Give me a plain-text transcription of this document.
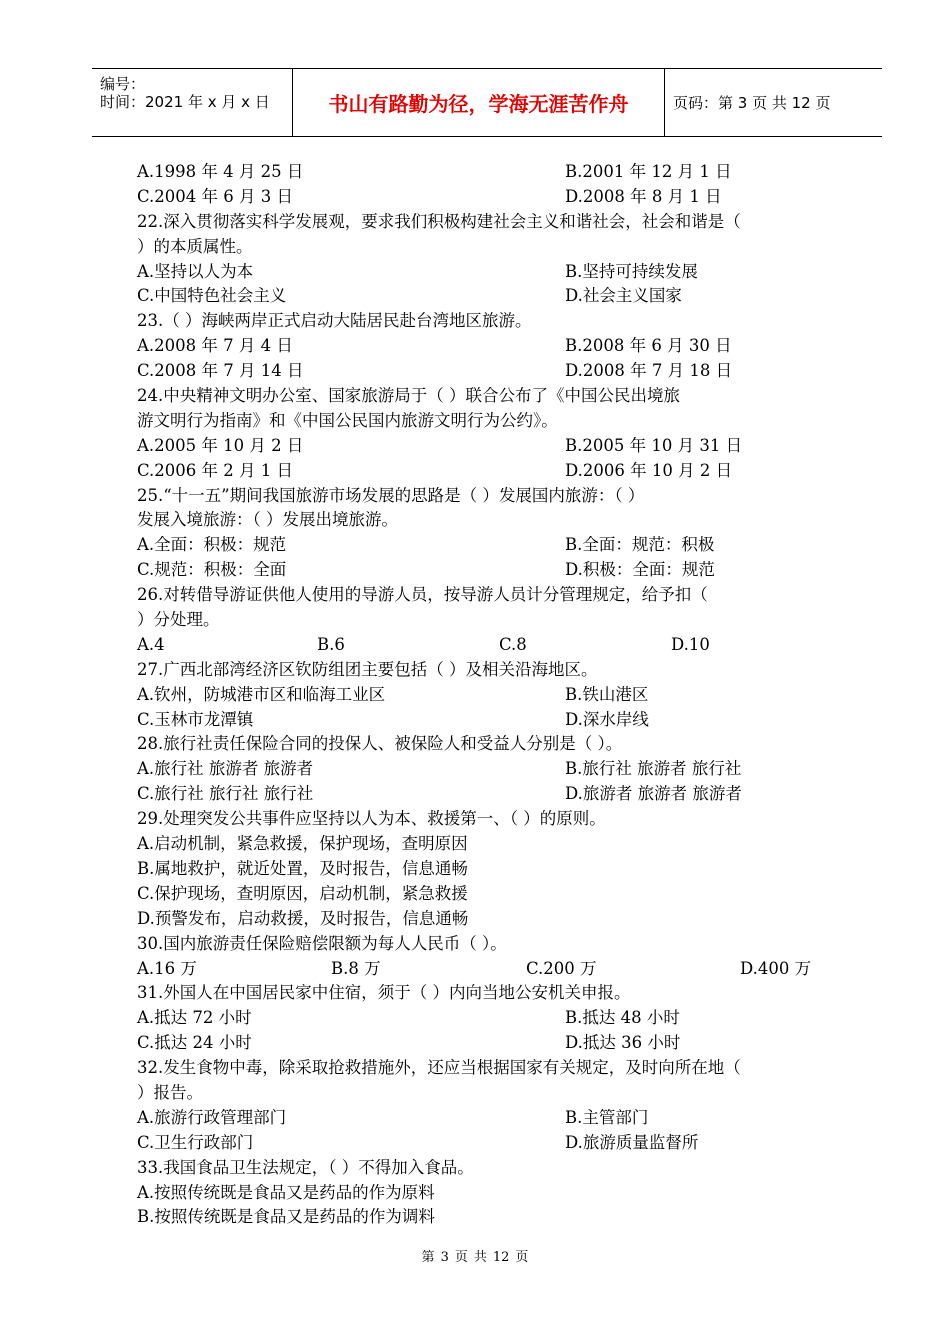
编号：
时间：2021 年 x 月 x 日	书山有路勤为径，学海无涯苦作舟	页码：第 3 页 共 12 页
A.1998 年 4 月 25 日	B.2001 年 12 月 1 日
C.2004 年 6 月 3 日	D.2008 年 8 月 1 日
22.深入贯彻落实科学发展观，要求我们积极构建社会主义和谐社会，社会和谐是（
）的本质属性。
A.坚持以人为本	B.坚持可持续发展
C.中国特色社会主义	D.社会主义国家
23.（ ）海峡两岸正式启动大陆居民赴台湾地区旅游。
A.2008 年 7 月 4 日	B.2008 年 6 月 30 日
C.2008 年 7 月 14 日	D.2008 年 7 月 18 日
24.中央精神文明办公室、国家旅游局于（ ）联合公布了《中国公民出境旅
游文明行为指南》和《中国公民国内旅游文明行为公约》。
A.2005 年 10 月 2 日	B.2005 年 10 月 31 日
C.2006 年 2 月 1 日	D.2006 年 10 月 2 日
25.“十一五”期间我国旅游市场发展的思路是（ ）发展国内旅游：（ ）
发展入境旅游：（ ）发展出境旅游。
A.全面：积极：规范	B.全面：规范：积极
C.规范：积极：全面	D.积极：全面：规范
26.对转借导游证供他人使用的导游人员，按导游人员计分管理规定，给予扣（
）分处理。
A.4	B.6	C.8	D.10
27.广西北部湾经济区钦防组团主要包括（ ）及相关沿海地区。
A.钦州，防城港市区和临海工业区	B.铁山港区
C.玉林市龙潭镇	D.深水岸线
28.旅行社责任保险合同的投保人、被保险人和受益人分别是（ ）。
A.旅行社 旅游者 旅游者	B.旅行社 旅游者 旅行社
C.旅行社 旅行社 旅行社	D.旅游者 旅游者 旅游者
29.处理突发公共事件应坚持以人为本、救援第一、（ ）的原则。
A.启动机制，紧急救援，保护现场，查明原因
B.属地救护，就近处置，及时报告，信息通畅
C.保护现场，查明原因，启动机制，紧急救援
D.预警发布，启动救援，及时报告，信息通畅
30.国内旅游责任保险赔偿限额为每人人民币（ ）。
A.16 万	B.8 万	C.200 万	D.400 万
31.外国人在中国居民家中住宿，须于（ ）内向当地公安机关申报。
A.抵达 72 小时	B.抵达 48 小时
C.抵达 24 小时	D.抵达 36 小时
32.发生食物中毒，除采取抢救措施外，还应当根据国家有关规定，及时向所在地（
）报告。
A.旅游行政管理部门	B.主管部门
C.卫生行政部门	D.旅游质量监督所
33.我国食品卫生法规定，（ ）不得加入食品。
A.按照传统既是食品又是药品的作为原料
B.按照传统既是食品又是药品的作为调料
第 3 页 共 12 页
